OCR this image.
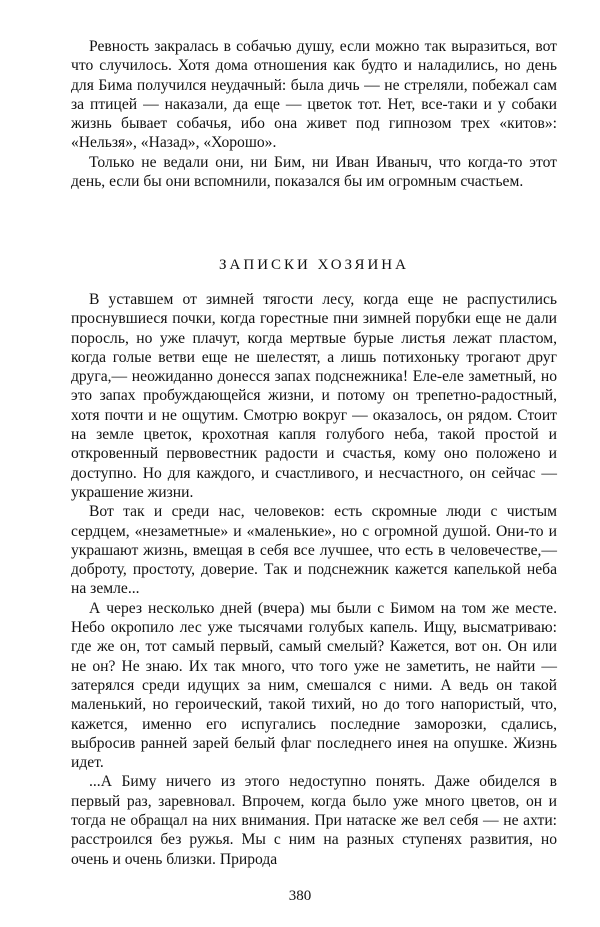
Ревность закралась в собачью душу, если можно так выразиться, вот что случилось. Хотя дома отношения как будто и наладились, но день для Бима получился неудачный: была дичь — не стреляли, побежал сам за птицей — наказали, да еще — цветок тот. Нет, все-таки и у собаки жизнь бывает собачья, ибо она живет под гипнозом трех «китов»: «Нельзя», «Назад», «Хорошо».

Только не ведали они, ни Бим, ни Иван Иваныч, что когда-то этот день, если бы они вспомнили, показался бы им огромным счастьем.

ЗАПИСКИ ХОЗЯИНА

В уставшем от зимней тягости лесу, когда еще не распустились проснувшиеся почки, когда горестные пни зимней порубки еще не дали поросль, но уже плачут, когда мертвые бурые листья лежат пластом, когда голые ветви еще не шелестят, а лишь потихоньку трогают друг друга,— неожиданно донесся запах подснежника! Еле-еле заметный, но это запах пробуждающейся жизни, и потому он трепетно-радостный, хотя почти и не ощутим. Смотрю вокруг — оказалось, он рядом. Стоит на земле цветок, крохотная капля голубого неба, такой простой и откровенный первовестник радости и счастья, кому оно положено и доступно. Но для каждого, и счастливого, и несчастного, он сейчас — украшение жизни.

Вот так и среди нас, человеков: есть скромные люди с чистым сердцем, «незаметные» и «маленькие», но с огромной душой. Они-то и украшают жизнь, вмещая в себя все лучшее, что есть в человечестве,— доброту, простоту, доверие. Так и подснежник кажется капелькой неба на земле...

А через несколько дней (вчера) мы были с Бимом на том же месте. Небо окропило лес уже тысячами голубых капель. Ищу, высматриваю: где же он, тот самый первый, самый смелый? Кажется, вот он. Он или не он? Не знаю. Их так много, что того уже не заметить, не найти — затерялся среди идущих за ним, смешался с ними. А ведь он такой маленький, но героический, такой тихий, но до того напористый, что, кажется, именно его испугались последние заморозки, сдались, выбросив ранней зарей белый флаг последнего инея на опушке. Жизнь идет.

...А Биму ничего из этого недоступно понять. Даже обиделся в первый раз, заревновал. Впрочем, когда было уже много цветов, он и тогда не обращал на них внимания. При натаске же вел себя — не ахти: расстроился без ружья. Мы с ним на разных ступенях развития, но очень и очень близки. Природа

380
